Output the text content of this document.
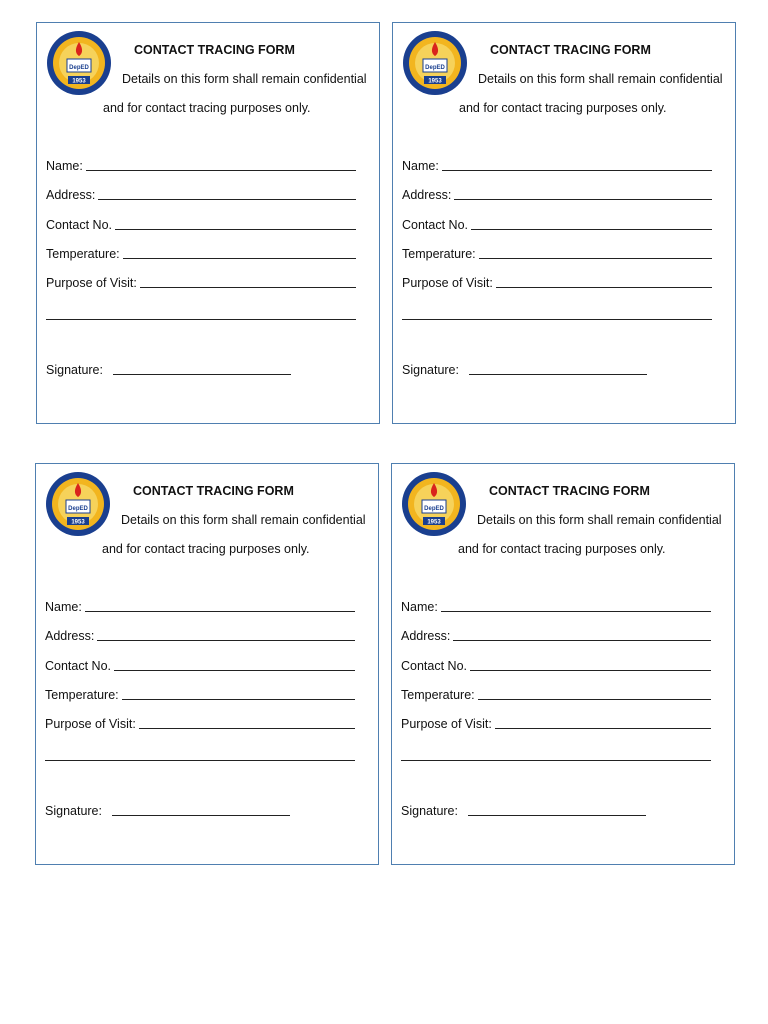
DepED
1953
CONTACT TRACING FORM
Details on this form shall remain confidential
and for contact tracing purposes only.
Name:
Address:
Contact No.
Temperature:
Purpose of Visit:
Signature:
DepED
1953
CONTACT TRACING FORM
Details on this form shall remain confidential
and for contact tracing purposes only.
Name:
Address:
Contact No.
Temperature:
Purpose of Visit:
Signature:
DepED
1953
CONTACT TRACING FORM
Details on this form shall remain confidential
and for contact tracing purposes only.
Name:
Address:
Contact No.
Temperature:
Purpose of Visit:
Signature:
DepED
1953
CONTACT TRACING FORM
Details on this form shall remain confidential
and for contact tracing purposes only.
Name:
Address:
Contact No.
Temperature:
Purpose of Visit:
Signature:
